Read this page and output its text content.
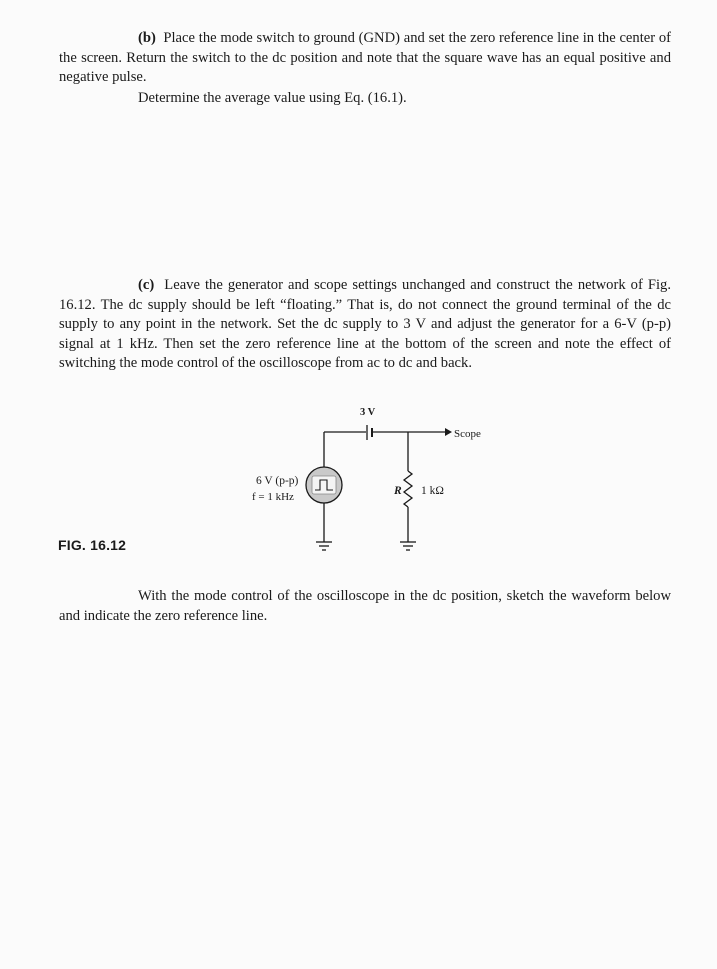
(b) Place the mode switch to ground (GND) and set the zero reference line in the center of the screen. Return the switch to the dc position and note that the square wave has an equal positive and negative pulse.
Determine the average value using Eq. (16.1).
(c) Leave the generator and scope settings unchanged and construct the network of Fig. 16.12. The dc supply should be left “floating.” That is, do not connect the ground terminal of the dc supply to any point in the network. Set the dc supply to 3 V and adjust the generator for a 6-V (p-p) signal at 1 kHz. Then set the zero reference line at the bottom of the screen and note the effect of switching the mode control of the oscilloscope from ac to dc and back.
FIG. 16.12
3 V
Scope
6 V (p-p)
f = 1 kHz	R 1 kΩ
With the mode control of the oscilloscope in the dc position, sketch the waveform below and indicate the zero reference line.
